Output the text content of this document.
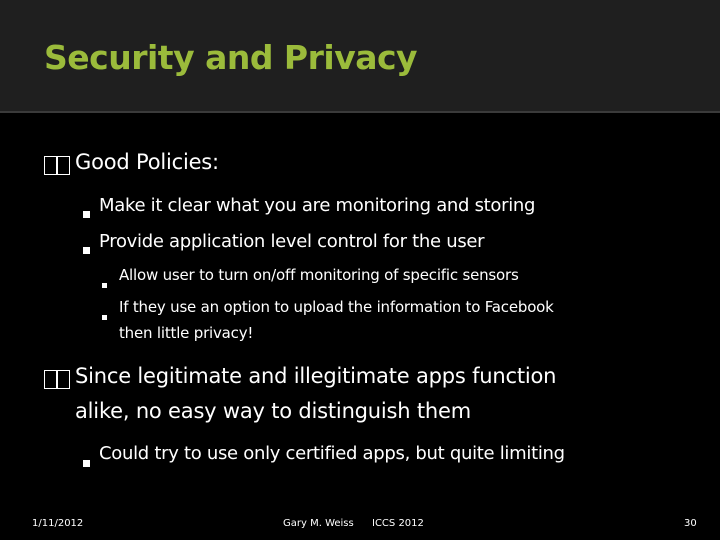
Security and Privacy
Good Policies:
Make it clear what you are monitoring and storing
Provide application level control for the user
Allow user to turn on/off monitoring of specific sensors
If they use an option to upload the information to Facebook
then little privacy!
Since legitimate and illegitimate apps function
alike, no easy way to distinguish them
Could try to use only certified apps, but quite limiting
1/11/2012	Gary M. Weiss ICCS 2012	30
